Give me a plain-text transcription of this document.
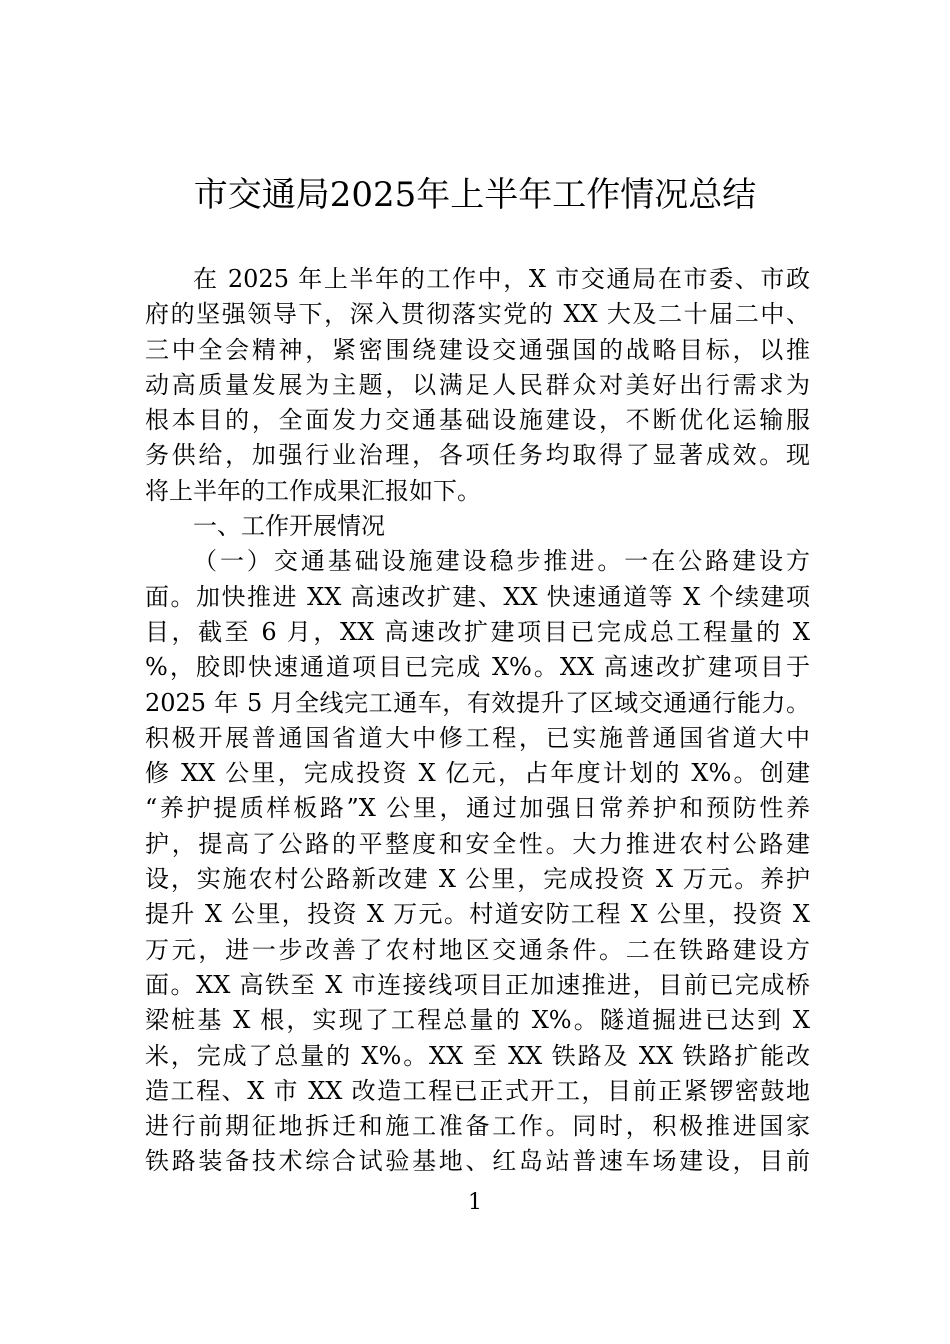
市交通局2025年上半年工作情况总结
在 2025 年上半年的工作中，X 市交通局在市委、市政
府的坚强领导下，深入贯彻落实党的 XX 大及二十届二中、
三中全会精神，紧密围绕建设交通强国的战略目标，以推
动高质量发展为主题，以满足人民群众对美好出行需求为
根本目的，全面发力交通基础设施建设，不断优化运输服
务供给，加强行业治理，各项任务均取得了显著成效。现
将上半年的工作成果汇报如下。
一、工作开展情况
（一）交通基础设施建设稳步推进。一在公路建设方
面。加快推进 XX 高速改扩建、XX 快速通道等 X 个续建项
目，截至 6 月，XX 高速改扩建项目已完成总工程量的 X
%，胶即快速通道项目已完成 X%。XX 高速改扩建项目于
2025 年 5 月全线完工通车，有效提升了区域交通通行能力。
积极开展普通国省道大中修工程，已实施普通国省道大中
修 XX 公里，完成投资 X 亿元，占年度计划的 X%。创建
“养护提质样板路”X 公里，通过加强日常养护和预防性养
护，提高了公路的平整度和安全性。大力推进农村公路建
设，实施农村公路新改建 X 公里，完成投资 X 万元。养护
提升 X 公里，投资 X 万元。村道安防工程 X 公里，投资 X
万元，进一步改善了农村地区交通条件。二在铁路建设方
面。XX 高铁至 X 市连接线项目正加速推进，目前已完成桥
梁桩基 X 根，实现了工程总量的 X%。隧道掘进已达到 X
米，完成了总量的 X%。XX 至 XX 铁路及 XX 铁路扩能改
造工程、X 市 XX 改造工程已正式开工，目前正紧锣密鼓地
进行前期征地拆迁和施工准备工作。同时，积极推进国家
铁路装备技术综合试验基地、红岛站普速车场建设，目前
1
